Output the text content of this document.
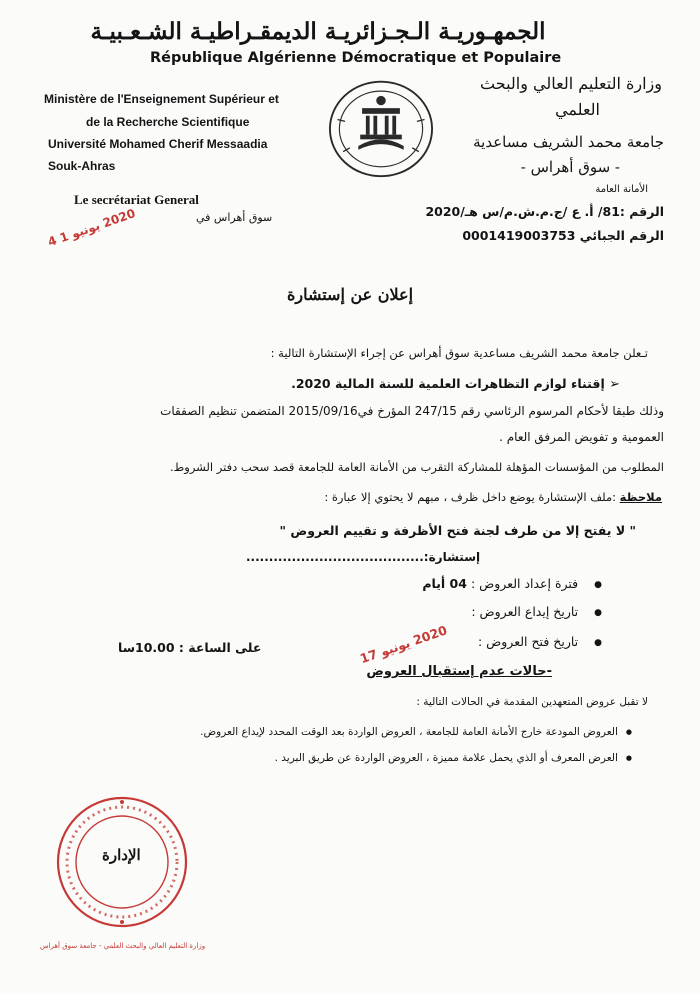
الجمهـوريـة الـجـزائريـة الديمقـراطيـة الشـعـبيـة
République Algérienne Démocratique et Populaire
Ministère de l'Enseignement Supérieur et
de la Recherche Scientifique
Université Mohamed Cherif Messaadia
Souk-Ahras
وزارة التعليم العالي والبحث
العلمي
جامعة محمد الشريف مساعدية
- سوق أهراس -
Le secrétariat General
الأمانة العامة
سوق أهراس في	الرقم :81/ أ. ع /ج.م.ش.م/س هـ/2020
الرقم الجبائي 0001419003753
2020 يونيو 1 4
إعلان عن إستشارة
تـعلن جامعة محمد الشريف مساعدية سوق أهراس عن إجراء الإستشارة التالية :
➢ إقتناء لوازم التظاهرات العلمية للسنة المالية 2020.
وذلك طبقا لأحكام المرسوم الرئاسي رقم 247/15 المؤرخ في2015/09/16 المتضمن تنظيم الصفقات
العمومية و تفويض المرفق العام .
المطلوب من المؤسسات المؤهلة للمشاركة التقرب من الأمانة العامة للجامعة قصد سحب دفتر الشروط.
ملاحظة :ملف الإستشارة يوضع داخل ظرف ، مبهم لا يحتوي إلا عبارة :
" لا يفتح إلا من طرف لجنة فتح الأظرفة و تقييم العروض "
إستشارة:.......................................
● فترة إعداد العروض : 04 أيام
● تاريخ إيداع العروض :
● تاريخ فتح العروض :
على الساعة : 10.00سا	2020 يونيو 17
-حالات عدم إستقبال العروض
لا تقبل عروض المتعهدين المقدمة في الحالات التالية :
● العروض المودعة خارج الأمانة العامة للجامعة ، العروض الواردة بعد الوقت المحدد لإيداع العروض.
● العرض المعرف أو الذي يحمل علامة مميزة ، العروض الواردة عن طريق البريد .
الإدارة
وزارة التعليم العالي والبحث العلمي - جامعة سوق أهراس
